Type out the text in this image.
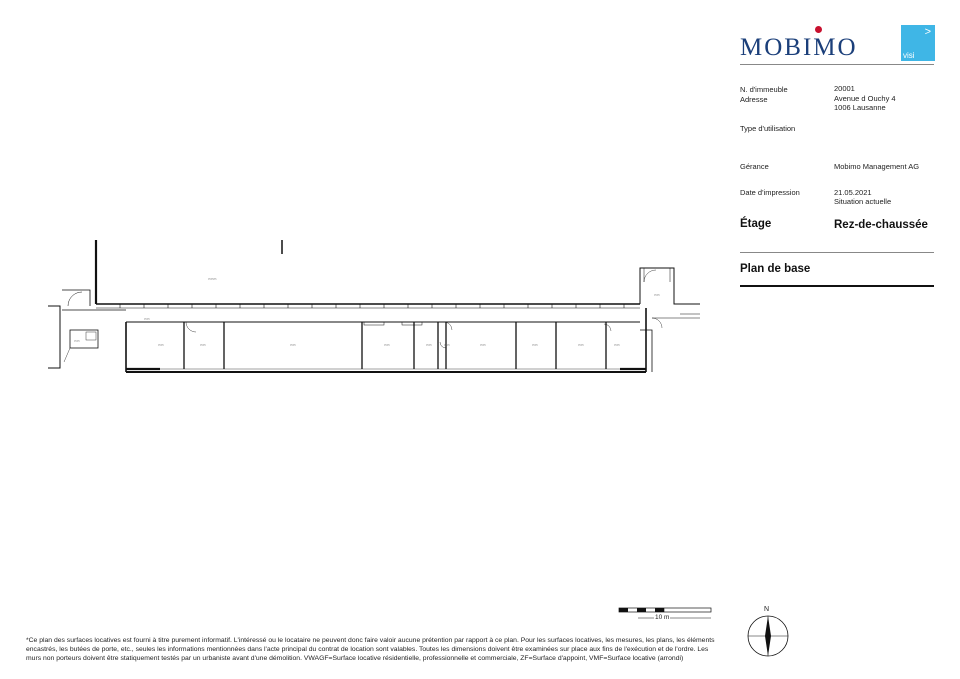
MOBIMO
>
visi
N. d'immeuble	20001
Adresse	Avenue d Ouchy 4
1006 Lausanne
Type d'utilisation
Gérance	Mobimo Management AG
Date d'impression	21.05.2021
Situation actuelle
Étage	Rez-de-chaussée
Plan de base
▭▭▭
▭▭
▭▭	▭▭	▭▭	▭▭	▭▭	▭▭	▭▭	▭▭	▭▭	▭▭
▭▭
▭▭
10 m
N
*Ce plan des surfaces locatives est fourni à titre purement informatif. L'intéressé ou le locataire ne peuvent donc faire valoir aucune prétention par rapport à ce plan. Pour les surfaces locatives, les mesures, les plans, les éléments encastrés, les butées de porte, etc., seules les informations mentionnées dans l'acte principal du contrat de location sont valables. Toutes les dimensions doivent être examinées sur place aux fins de l'exécution et de l'ordre. Les murs non porteurs doivent être statiquement testés par un urbaniste avant d'une démolition. VWAGF=Surface locative résidentielle, professionnelle et commerciale, ZF=Surface d'appoint, VMF=Surface locative (arrondi)
